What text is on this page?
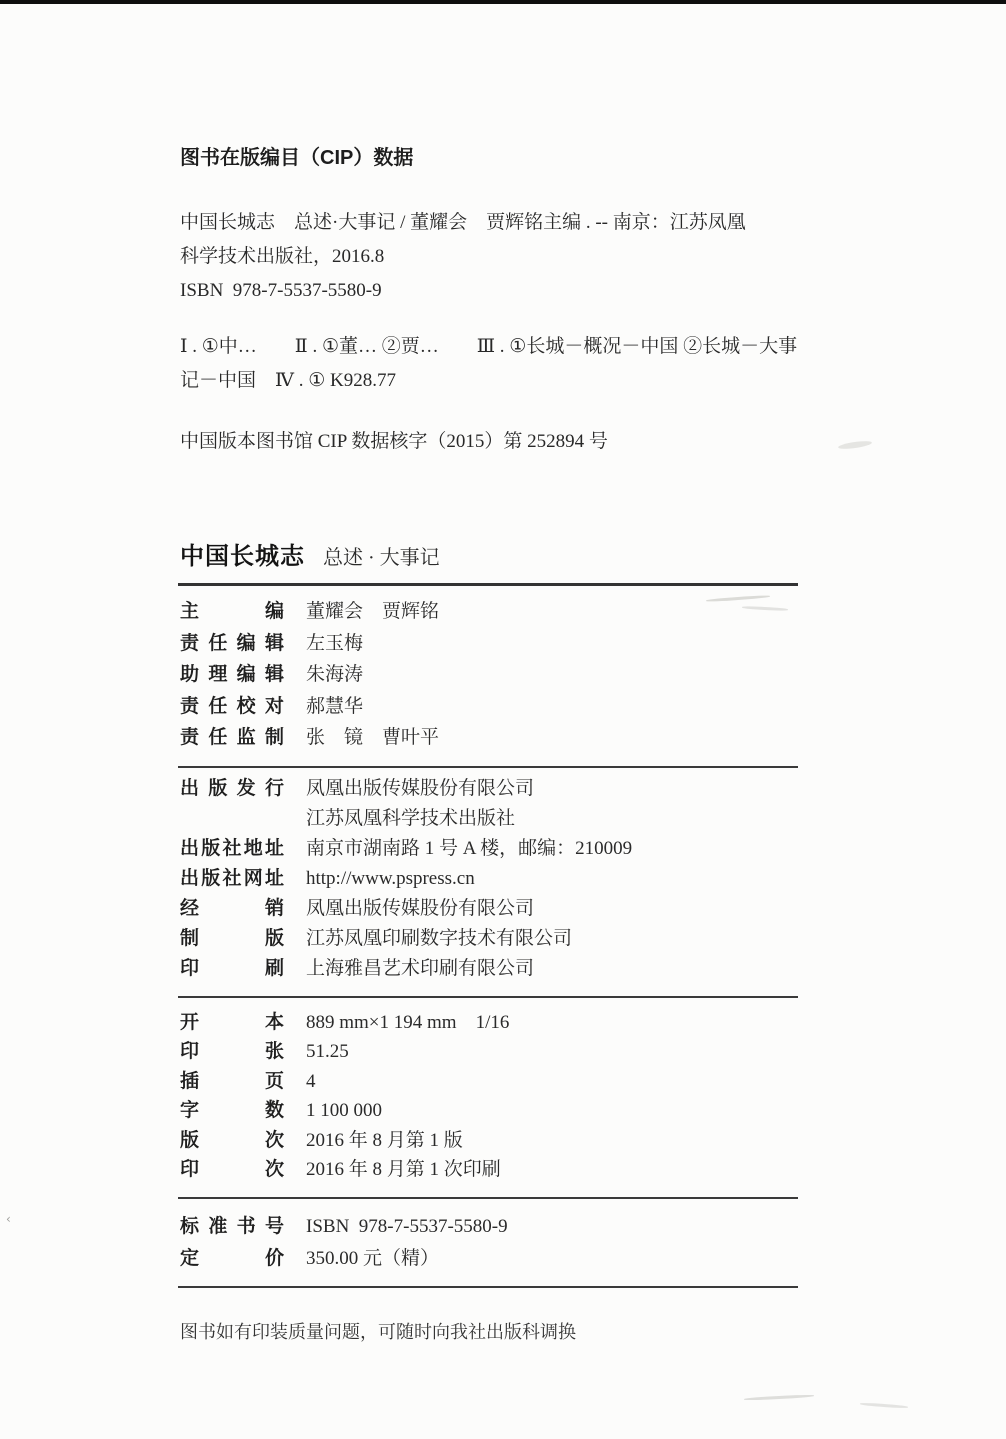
图书在版编目（CIP）数据

中国长城志　总述·大事记 / 董耀会　贾辉铭主编 . -- 南京：江苏凤凰

科学技术出版社，2016.8

ISBN  978-7-5537-5580-9

Ⅰ . ①中…　　Ⅱ . ①董… ②贾…　　Ⅲ . ①长城－概况－中国 ②长城－大事

记－中国　Ⅳ . ① K928.77

中国版本图书馆 CIP 数据核字（2015）第 252894 号

中国长城志 总述 · 大事记
主	编 董耀会　贾辉铭
责 任 编 辑 左玉梅
助 理 编 辑 朱海涛
责 任 校 对 郝慧华
责 任 监 制 张　镜　曹叶平
出 版 发 行 凤凰出版传媒股份有限公司
江苏凤凰科学技术出版社
出 版 社 地 址 南京市湖南路 1 号 A 楼，邮编：210009
出 版 社 网 址 http://www.pspress.cn
经	销 凤凰出版传媒股份有限公司
制	版 江苏凤凰印刷数字技术有限公司
印	刷 上海雅昌艺术印刷有限公司
开	本 889 mm×1 194 mm　1/16
印	张 51.25
插	页 4
字	数 1 100 000
版	次 2016 年 8 月第 1 版
印	次 2016 年 8 月第 1 次印刷
标 准 书 号 ISBN  978-7-5537-5580-9
定	价 350.00 元（精）

图书如有印装质量问题，可随时向我社出版科调换

‹
